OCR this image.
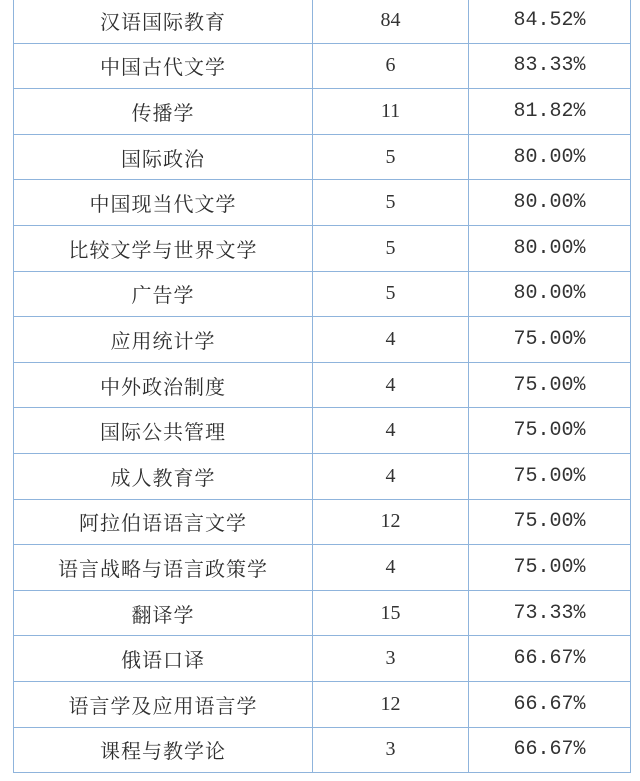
汉语国际教育	84	84.52%
中国古代文学	6	83.33%
传播学	11	81.82%
国际政治	5	80.00%
中国现当代文学	5	80.00%
比较文学与世界文学	5	80.00%
广告学	5	80.00%
应用统计学	4	75.00%
中外政治制度	4	75.00%
国际公共管理	4	75.00%
成人教育学	4	75.00%
阿拉伯语语言文学	12	75.00%
语言战略与语言政策学	4	75.00%
翻译学	15	73.33%
俄语口译	3	66.67%
语言学及应用语言学	12	66.67%
课程与教学论	3	66.67%
